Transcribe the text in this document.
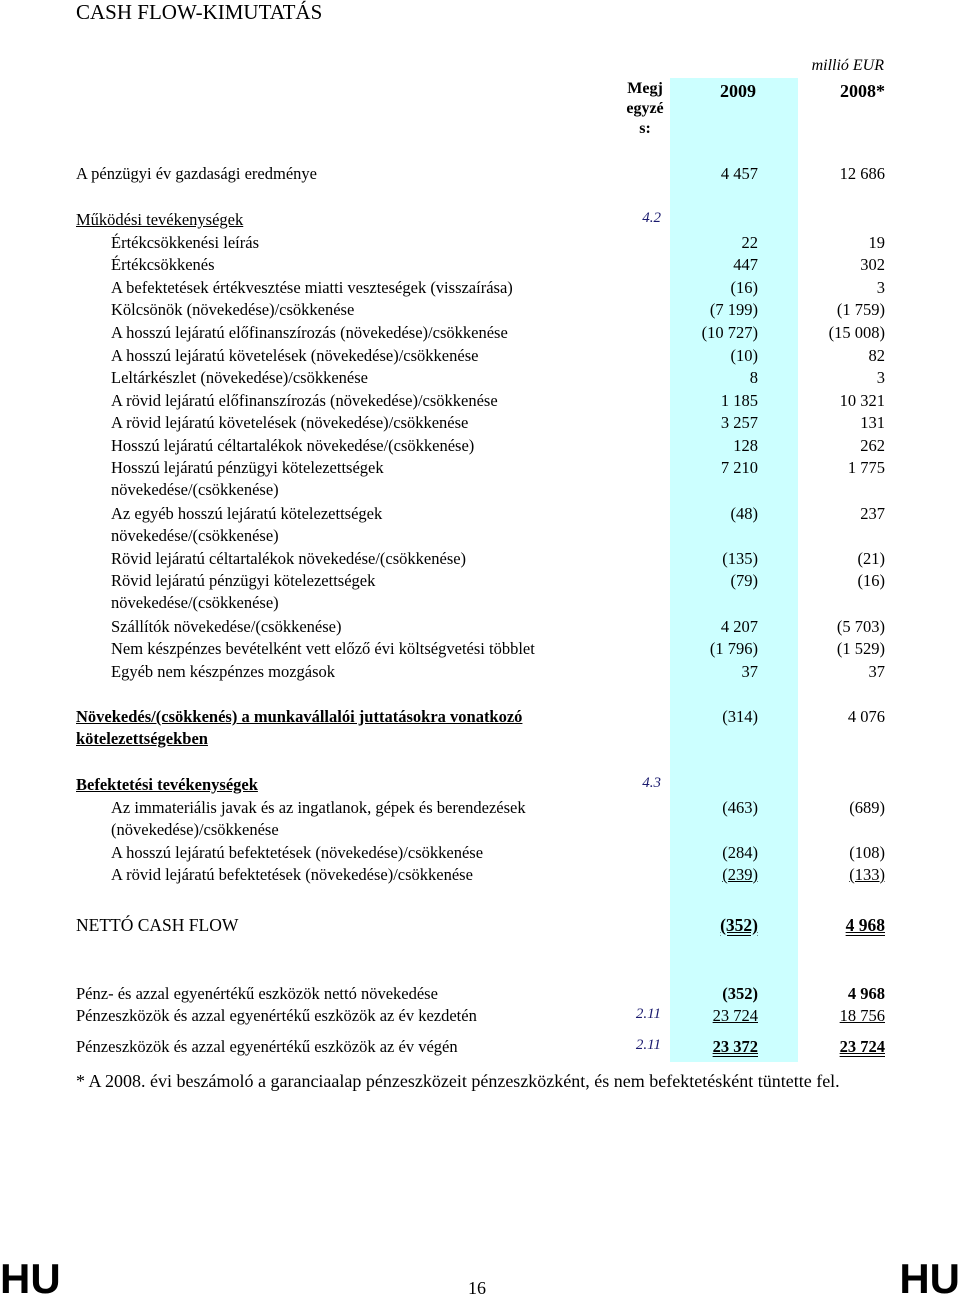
CASH FLOW-KIMUTATÁS
millió EUR
Megj egyzé s:
2009	2008*
A pénzügyi év gazdasági eredménye	4 457	12 686
Működési tevékenységek	4.2
Értékcsökkenési leírás	22	19
Értékcsökkenés	447	302
A befektetések értékvesztése miatti veszteségek (visszaírása)	(16)	3
Kölcsönök (növekedése)/csökkenése	(7 199)	(1 759)
A hosszú lejáratú előfinanszírozás (növekedése)/csökkenése	(10 727)	(15 008)
A hosszú lejáratú követelések (növekedése)/csökkenése	(10)	82
Leltárkészlet (növekedése)/csökkenése	8	3
A rövid lejáratú előfinanszírozás (növekedése)/csökkenése	1 185	10 321
A rövid lejáratú követelések (növekedése)/csökkenése	3 257	131
Hosszú lejáratú céltartalékok növekedése/(csökkenése)	128	262
Hosszú lejáratú pénzügyi kötelezettségek
növekedése/(csökkenése)
7 210	1 775
Az egyéb hosszú lejáratú kötelezettségek
növekedése/(csökkenése)
(48)	237
Rövid lejáratú céltartalékok növekedése/(csökkenése)	(135)	(21)
Rövid lejáratú pénzügyi kötelezettségek
növekedése/(csökkenése)
(79)	(16)
Szállítók növekedése/(csökkenése)	4 207	(5 703)
Nem készpénzes bevételként vett előző évi költségvetési többlet	(1 796)	(1 529)
Egyéb nem készpénzes mozgások	37	37
Növekedés/(csökkenés) a munkavállalói juttatásokra vonatkozó
kötelezettségekben
(314)	4 076
Befektetési tevékenységek	4.3
Az immateriális javak és az ingatlanok, gépek és berendezések
(növekedése)/csökkenése
(463)	(689)
A hosszú lejáratú befektetések (növekedése)/csökkenése	(284)	(108)
A rövid lejáratú befektetések (növekedése)/csökkenése	(239)	(133)
NETTÓ CASH FLOW	(352)	4 968
Pénz- és azzal egyenértékű eszközök nettó növekedése	(352)	4 968
Pénzeszközök és azzal egyenértékű eszközök az év kezdetén	2.11	23 724	18 756
Pénzeszközök és azzal egyenértékű eszközök az év végén	2.11	23 372	23 724
* A 2008. évi beszámoló a garanciaalap pénzeszközeit pénzeszközként, és nem befektetésként tüntette fel.
HU	16	HU
